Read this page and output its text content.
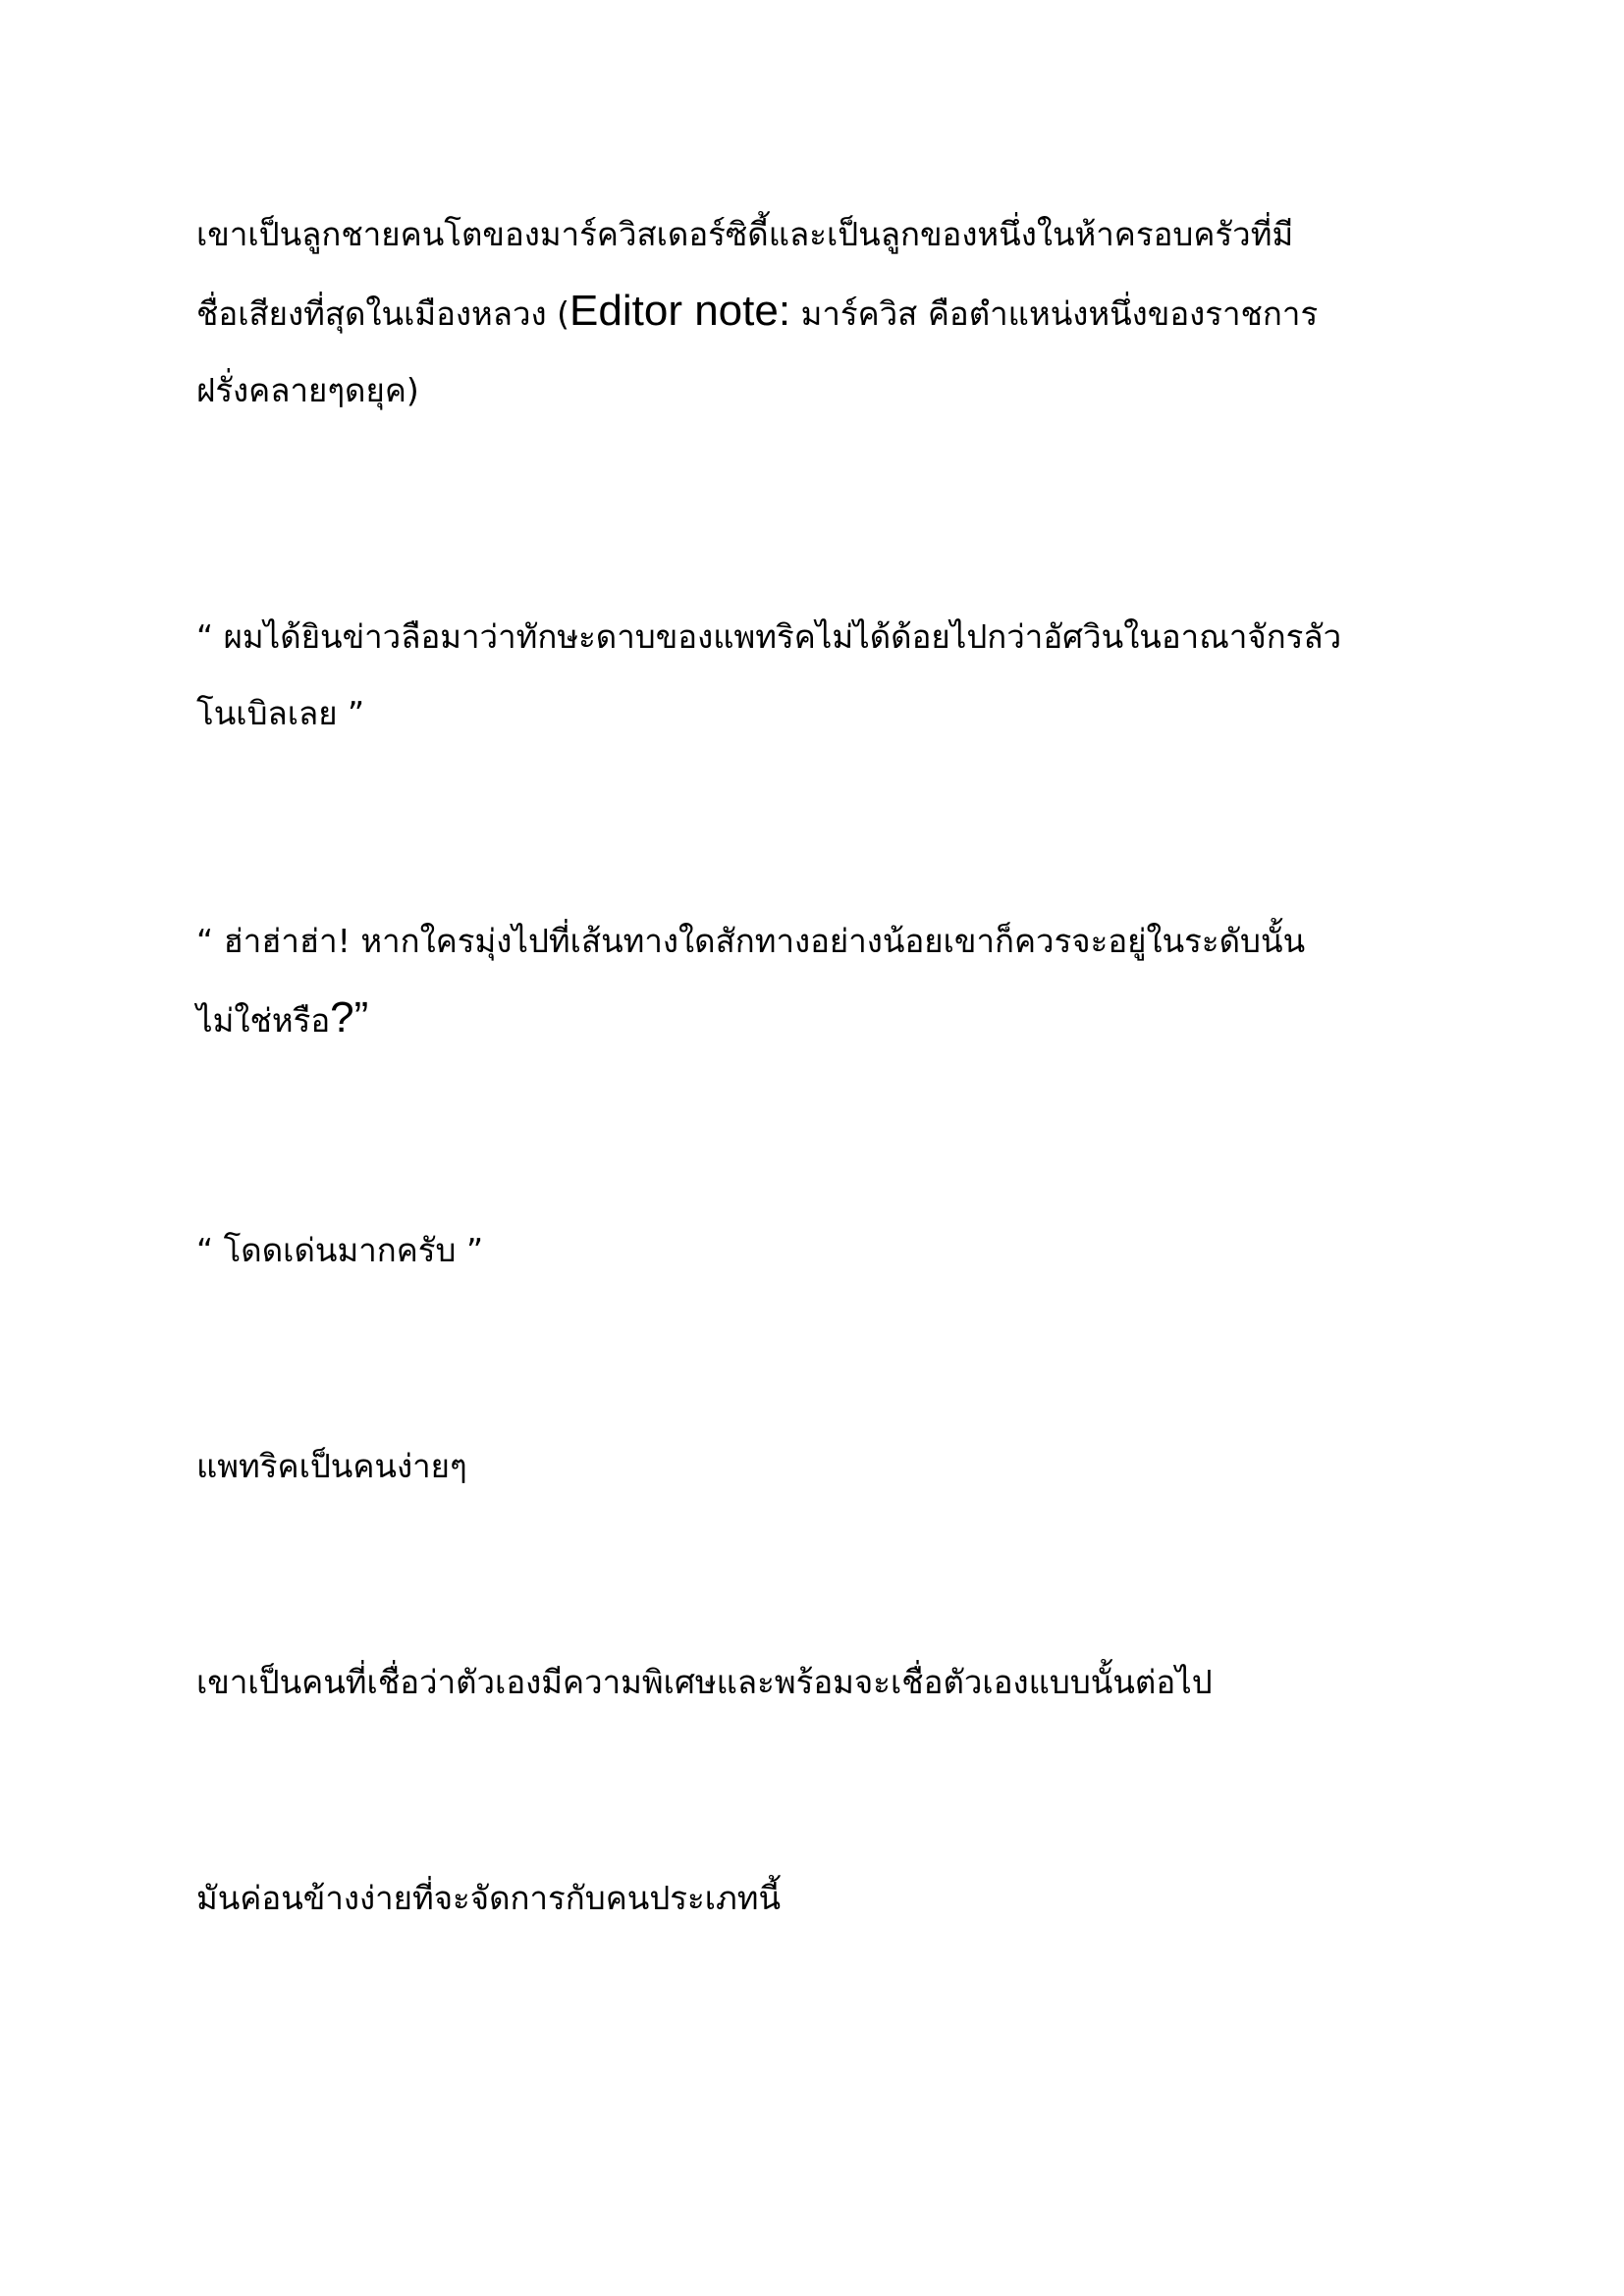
เขาเป็นลูกชายคนโตของมาร์ควิสเดอร์ซิดี้และเป็นลูกของหนึ่งในห้าครอบครัวที่มี
ชื่อเสียงที่สุดในเมืองหลวง (Editor note: มาร์ควิส คือตำแหน่งหนึ่งของราชการ
ฝรั่งคลายๆดยุค)

“ ผมได้ยินข่าวลือมาว่าทักษะดาบของแพทริคไม่ได้ด้อยไปกว่าอัศวินในอาณาจักรลัว
โนเบิลเลย ”

“ ฮ่าฮ่าฮ่า! หากใครมุ่งไปที่เส้นทางใดสักทางอย่างน้อยเขาก็ควรจะอยู่ในระดับนั้น
ไม่ใช่หรือ?”

“ โดดเด่นมากครับ ”

แพทริคเป็นคนง่ายๆ

เขาเป็นคนที่เชื่อว่าตัวเองมีความพิเศษและพร้อมจะเชื่อตัวเองแบบนั้นต่อไป

มันค่อนข้างง่ายที่จะจัดการกับคนประเภทนี้
